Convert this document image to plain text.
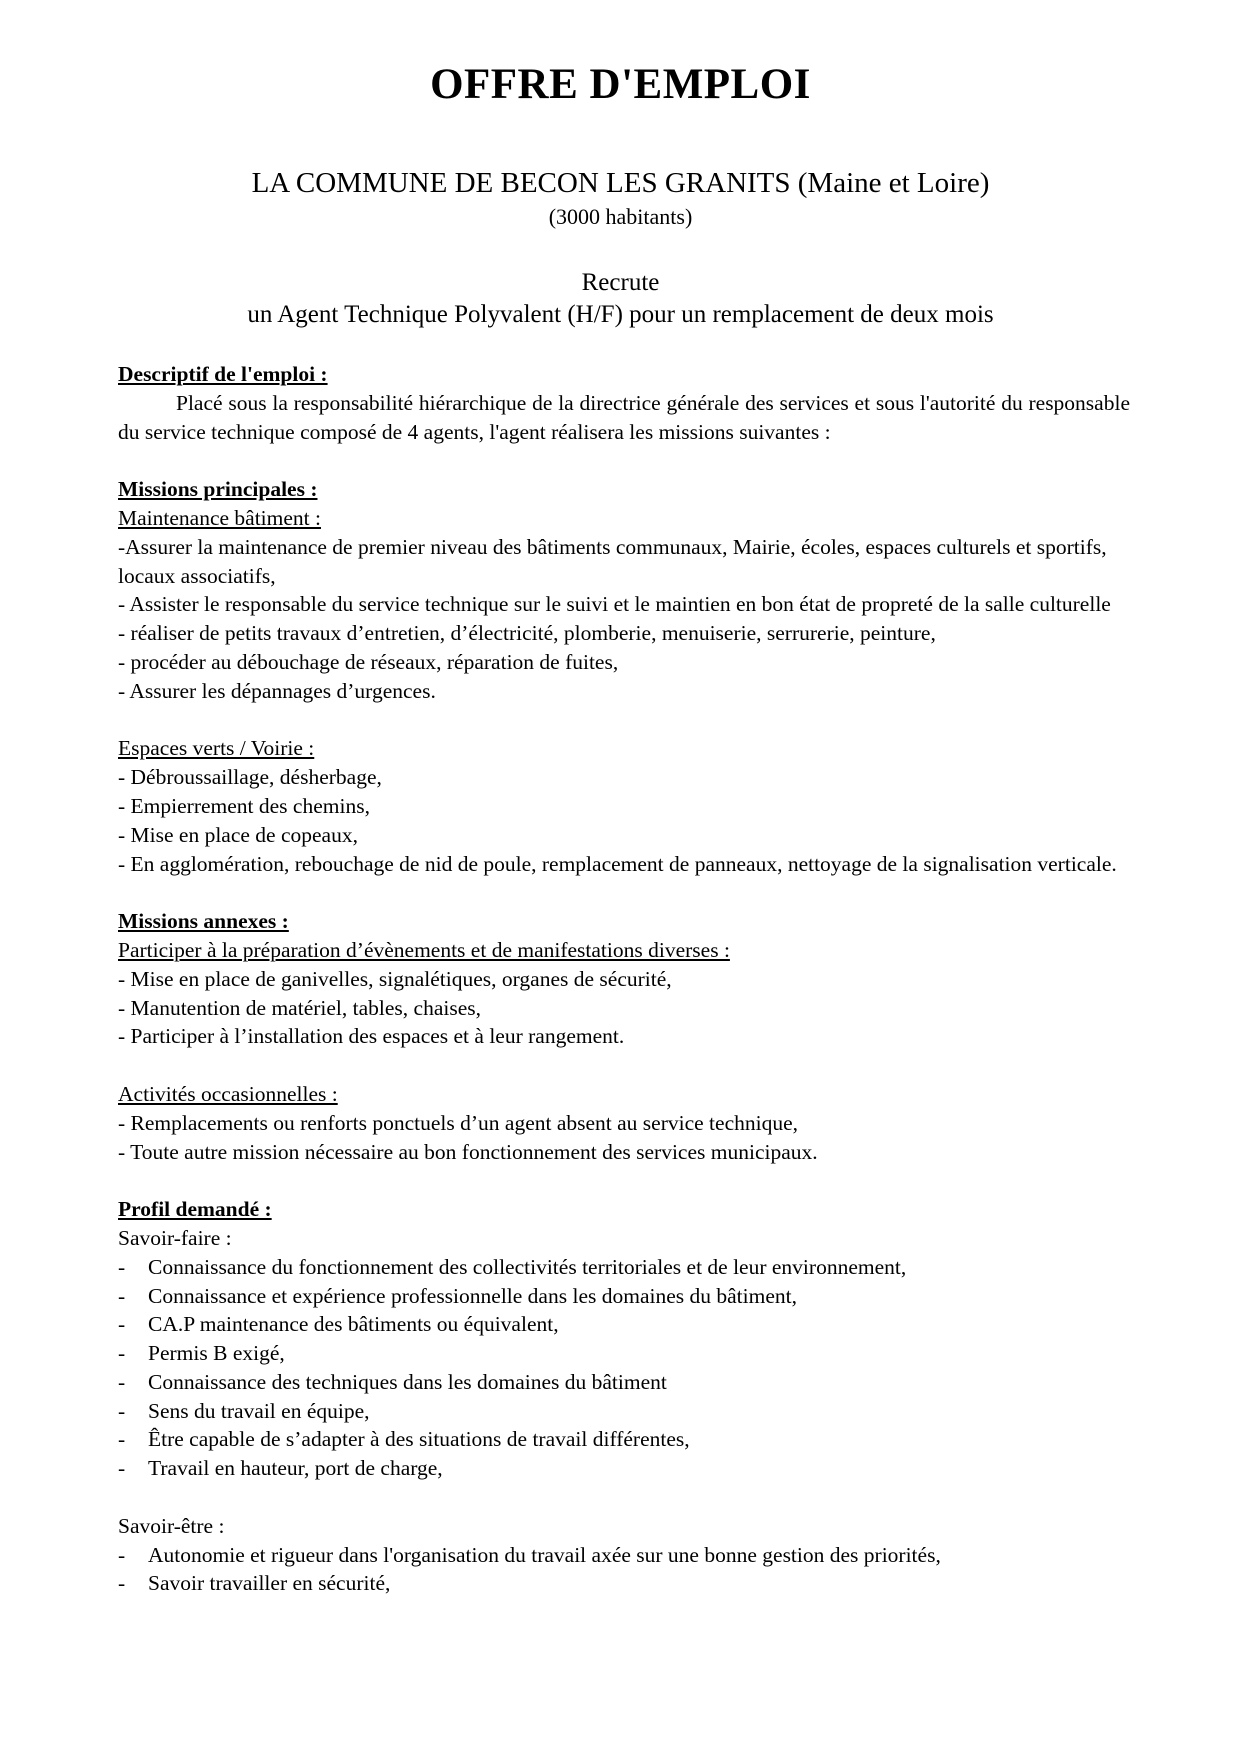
OFFRE D'EMPLOI
LA COMMUNE DE BECON LES GRANITS (Maine et Loire)
(3000 habitants)
Recrute
un Agent Technique Polyvalent (H/F) pour un remplacement de deux mois
Descriptif de l'emploi :

Placé sous la responsabilité hiérarchique de la directrice générale des services et sous l'autorité du responsable du service technique composé de 4 agents, l'agent réalisera les missions suivantes :

Missions principales :
Maintenance bâtiment :
-Assurer la maintenance de premier niveau des bâtiments communaux, Mairie, écoles, espaces culturels et sportifs, locaux associatifs,
- Assister le responsable du service technique sur le suivi et le maintien en bon état de propreté de la salle culturelle
- réaliser de petits travaux d’entretien, d’électricité, plomberie, menuiserie, serrurerie, peinture,
- procéder au débouchage de réseaux, réparation de fuites,
- Assurer les dépannages d’urgences.
Espaces verts / Voirie :
- Débroussaillage, désherbage,
- Empierrement des chemins,
- Mise en place de copeaux,
- En agglomération, rebouchage de nid de poule, remplacement de panneaux, nettoyage de la signalisation verticale.
Missions annexes :
Participer à la préparation d’évènements et de manifestations diverses :
- Mise en place de ganivelles, signalétiques, organes de sécurité,
- Manutention de matériel, tables, chaises,
- Participer à l’installation des espaces et à leur rangement.
Activités occasionnelles :
- Remplacements ou renforts ponctuels d’un agent absent au service technique,
- Toute autre mission nécessaire au bon fonctionnement des services municipaux.
Profil demandé :
Savoir-faire :
-	Connaissance du fonctionnement des collectivités territoriales et de leur environnement,
-	Connaissance et expérience professionnelle dans les domaines du bâtiment,
-	CA.P maintenance des bâtiments ou équivalent,
-	Permis B exigé,
-	Connaissance des techniques dans les domaines du bâtiment
-	Sens du travail en équipe,
-	Être capable de s’adapter à des situations de travail différentes,
-	Travail en hauteur, port de charge,
Savoir-être :
-	Autonomie et rigueur dans l'organisation du travail axée sur une bonne gestion des priorités,
-	Savoir travailler en sécurité,
